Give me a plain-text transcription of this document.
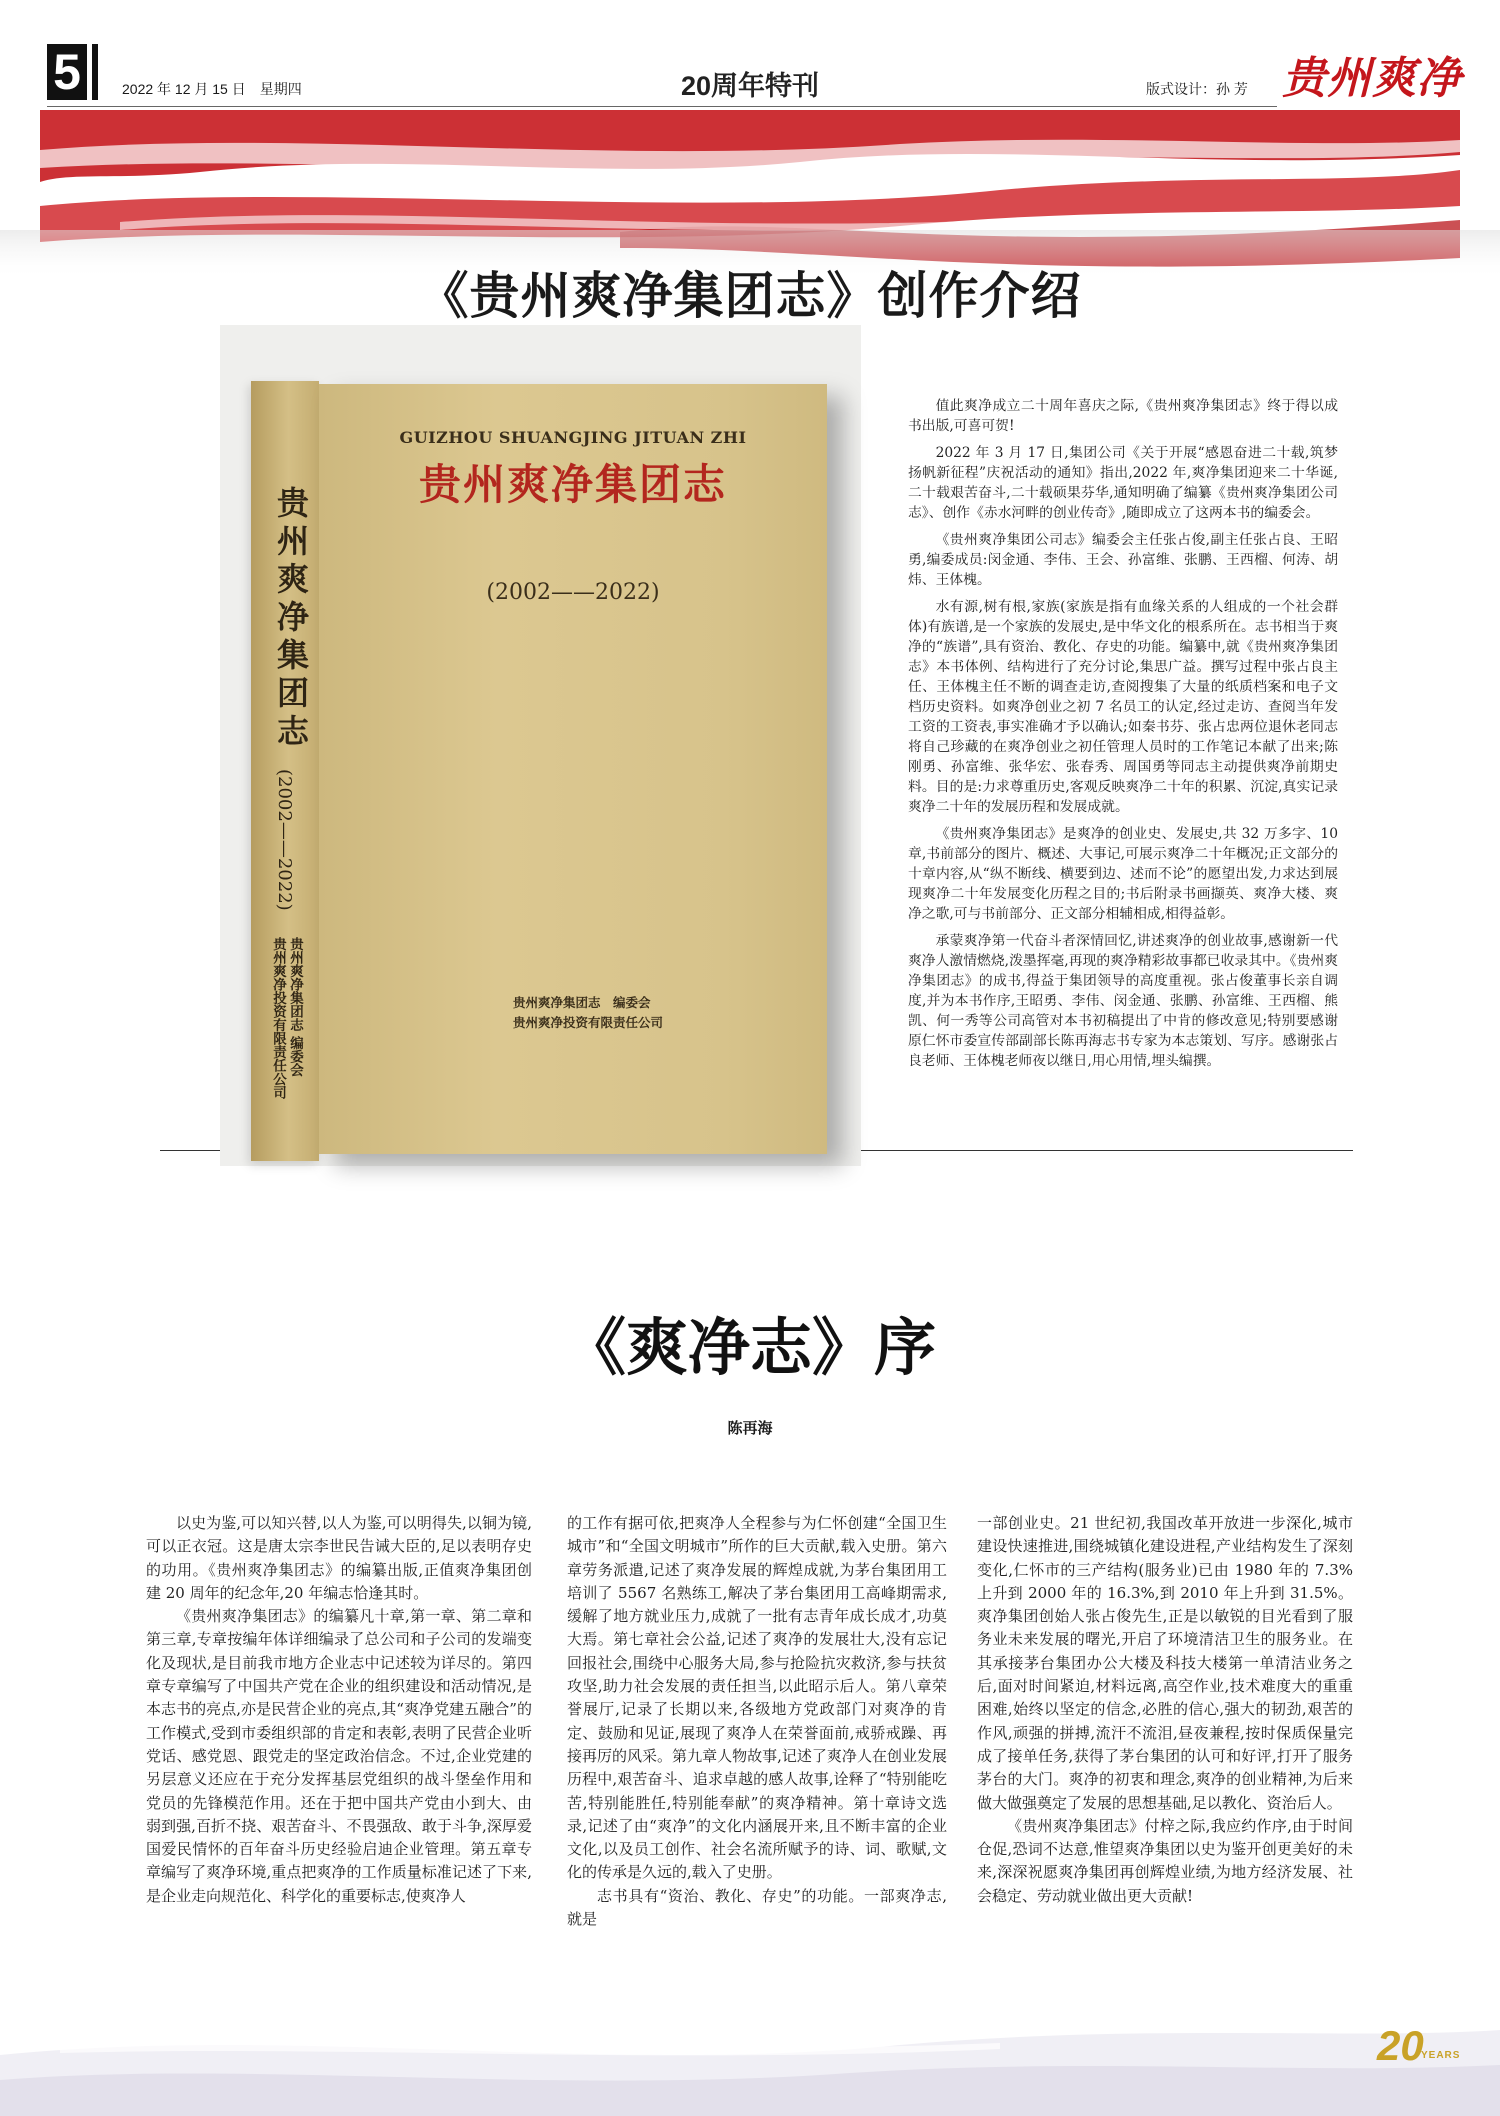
5	2022 年 12 月 15 日　星期四	20周年特刊	版式设计：孙 芳 贵州爽净
《贵州爽净集团志》创作介绍
贵州爽净集团志
(2002——2022)
贵州爽净集团志 编委会
贵州爽净投资有限责任公司
GUIZHOU SHUANGJING JITUAN ZHI
贵州爽净集团志
(2002——2022)
贵州爽净集团志　编委会
贵州爽净投资有限责任公司

值此爽净成立二十周年喜庆之际,《贵州爽净集团志》终于得以成书出版,可喜可贺!

2022 年 3 月 17 日,集团公司《关于开展“感恩奋进二十载,筑梦扬帆新征程”庆祝活动的通知》指出,2022 年,爽净集团迎来二十华诞,二十载艰苦奋斗,二十载硕果芬华,通知明确了编纂《贵州爽净集团公司志》、创作《赤水河畔的创业传奇》,随即成立了这两本书的编委会。

《贵州爽净集团公司志》编委会主任张占俊,副主任张占良、王昭勇,编委成员:闵金通、李伟、王会、孙富维、张鹏、王西榴、何涛、胡炜、王体槐。

水有源,树有根,家族(家族是指有血缘关系的人组成的一个社会群体)有族谱,是一个家族的发展史,是中华文化的根系所在。志书相当于爽净的“族谱”,具有资治、教化、存史的功能。编纂中,就《贵州爽净集团志》本书体例、结构进行了充分讨论,集思广益。撰写过程中张占良主任、王体槐主任不断的调查走访,查阅搜集了大量的纸质档案和电子文档历史资料。如爽净创业之初 7 名员工的认定,经过走访、查阅当年发工资的工资表,事实准确才予以确认;如秦书芬、张占忠两位退休老同志将自己珍藏的在爽净创业之初任管理人员时的工作笔记本献了出来;陈刚勇、孙富维、张华宏、张春秀、周国勇等同志主动提供爽净前期史料。目的是:力求尊重历史,客观反映爽净二十年的积累、沉淀,真实记录爽净二十年的发展历程和发展成就。

《贵州爽净集团志》是爽净的创业史、发展史,共 32 万多字、10 章,书前部分的图片、概述、大事记,可展示爽净二十年概况;正文部分的十章内容,从“纵不断线、横要到边、述而不论”的愿望出发,力求达到展现爽净二十年发展变化历程之目的;书后附录书画撷英、爽净大楼、爽净之歌,可与书前部分、正文部分相辅相成,相得益彰。

承蒙爽净第一代奋斗者深情回忆,讲述爽净的创业故事,感谢新一代爽净人激情燃烧,泼墨挥毫,再现的爽净精彩故事都已收录其中。《贵州爽净集团志》的成书,得益于集团领导的高度重视。张占俊董事长亲自调度,并为本书作序,王昭勇、李伟、闵金通、张鹏、孙富维、王西榴、熊凯、何一秀等公司高管对本书初稿提出了中肯的修改意见;特别要感谢原仁怀市委宣传部副部长陈再海志书专家为本志策划、写序。感谢张占良老师、王体槐老师夜以继日,用心用情,埋头编撰。

《爽净志》序
陈再海

以史为鉴,可以知兴替,以人为鉴,可以明得失,以铜为镜,可以正衣冠。这是唐太宗李世民告诫大臣的,足以表明存史的功用。《贵州爽净集团志》的编纂出版,正值爽净集团创建 20 周年的纪念年,20 年编志恰逢其时。

《贵州爽净集团志》的编纂凡十章,第一章、第二章和第三章,专章按编年体详细编录了总公司和子公司的发端变化及现状,是目前我市地方企业志中记述较为详尽的。第四章专章编写了中国共产党在企业的组织建设和活动情况,是本志书的亮点,亦是民营企业的亮点,其“爽净党建五融合”的工作模式,受到市委组织部的肯定和表彰,表明了民营企业听党话、感党恩、跟党走的坚定政治信念。不过,企业党建的另层意义还应在于充分发挥基层党组织的战斗堡垒作用和党员的先锋模范作用。还在于把中国共产党由小到大、由弱到强,百折不挠、艰苦奋斗、不畏强敌、敢于斗争,深厚爱国爱民情怀的百年奋斗历史经验启迪企业管理。第五章专章编写了爽净环境,重点把爽净的工作质量标准记述了下来,是企业走向规范化、科学化的重要标志,使爽净人

的工作有据可依,把爽净人全程参与为仁怀创建“全国卫生城市”和“全国文明城市”所作的巨大贡献,载入史册。第六章劳务派遣,记述了爽净发展的辉煌成就,为茅台集团用工培训了 5567 名熟练工,解决了茅台集团用工高峰期需求,缓解了地方就业压力,成就了一批有志青年成长成才,功莫大焉。第七章社会公益,记述了爽净的发展壮大,没有忘记回报社会,围绕中心服务大局,参与抢险抗灾救济,参与扶贫攻坚,助力社会发展的责任担当,以此昭示后人。第八章荣誉展厅,记录了长期以来,各级地方党政部门对爽净的肯定、鼓励和见证,展现了爽净人在荣誉面前,戒骄戒躁、再接再厉的风采。第九章人物故事,记述了爽净人在创业发展历程中,艰苦奋斗、追求卓越的感人故事,诠释了“特别能吃苦,特别能胜任,特别能奉献”的爽净精神。第十章诗文选录,记述了由“爽净”的文化内涵展开来,且不断丰富的企业文化,以及员工创作、社会名流所赋予的诗、词、歌赋,文化的传承是久远的,载入了史册。

志书具有“资治、教化、存史”的功能。一部爽净志,就是

一部创业史。21 世纪初,我国改革开放进一步深化,城市建设快速推进,围绕城镇化建设进程,产业结构发生了深刻变化,仁怀市的三产结构(服务业)已由 1980 年的 7.3%上升到 2000 年的 16.3%,到 2010 年上升到 31.5%。爽净集团创始人张占俊先生,正是以敏锐的目光看到了服务业未来发展的曙光,开启了环境清洁卫生的服务业。在其承接茅台集团办公大楼及科技大楼第一单清洁业务之后,面对时间紧迫,材料远离,高空作业,技术难度大的重重困难,始终以坚定的信念,必胜的信心,强大的韧劲,艰苦的作风,顽强的拼搏,流汗不流泪,昼夜兼程,按时保质保量完成了接单任务,获得了茅台集团的认可和好评,打开了服务茅台的大门。爽净的初衷和理念,爽净的创业精神,为后来做大做强奠定了发展的思想基础,足以教化、资治后人。

《贵州爽净集团志》付梓之际,我应约作序,由于时间仓促,恐词不达意,惟望爽净集团以史为鉴开创更美好的未来,深深祝愿爽净集团再创辉煌业绩,为地方经济发展、社会稳定、劳动就业做出更大贡献!

20
YEARS
